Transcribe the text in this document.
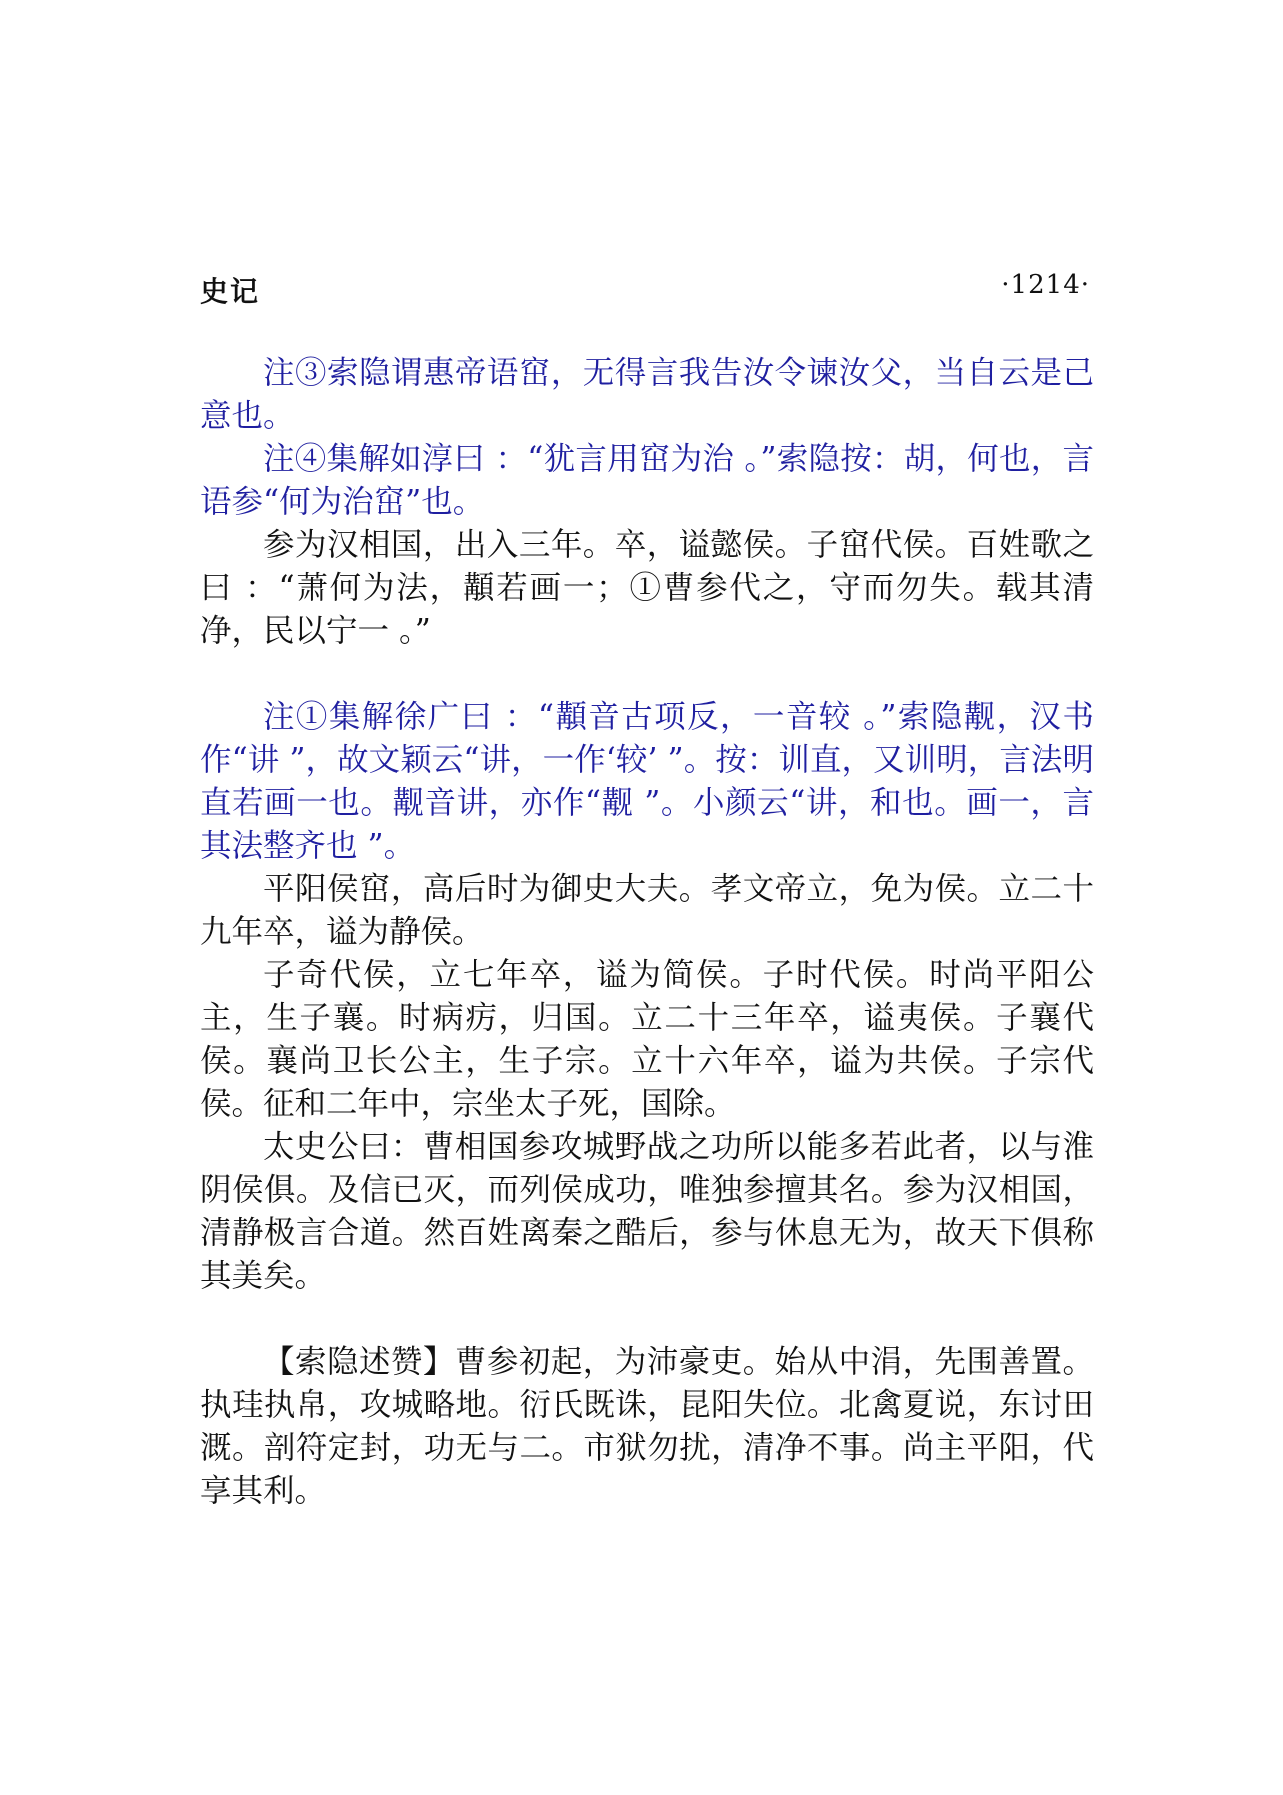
史记	·1214·

注③索隐谓惠帝语窋，无得言我告汝令谏汝父，当自云是己意也。

注④集解如淳曰 ：“犹言用窋为治 。”索隐按：胡，何也，言语参“何为治窋”也。

参为汉相国，出入三年。卒，谥懿侯。子窋代侯。百姓歌之曰 ：“萧何为法，顜若画一；①曹参代之，守而勿失。载其清净，民以宁一 。”

注①集解徐广曰 ：“顜音古项反，一音较 。”索隐觏，汉书作“讲 ”，故文颖云“讲，一作‘较’ ”。按：训直，又训明，言法明直若画一也。觏音讲，亦作“觏 ”。小颜云“讲，和也。画一，言其法整齐也 ”。

平阳侯窋，高后时为御史大夫。孝文帝立，免为侯。立二十九年卒，谥为静侯。

子奇代侯，立七年卒，谥为简侯。子时代侯。时尚平阳公主，生子襄。时病疠，归国。立二十三年卒，谥夷侯。子襄代侯。襄尚卫长公主，生子宗。立十六年卒，谥为共侯。子宗代侯。征和二年中，宗坐太子死，国除。

太史公曰：曹相国参攻城野战之功所以能多若此者，以与淮阴侯俱。及信已灭，而列侯成功，唯独参擅其名。参为汉相国，清静极言合道。然百姓离秦之酷后，参与休息无为，故天下俱称其美矣。

【索隐述赞】曹参初起，为沛豪吏。始从中涓，先围善置。执珪执帛，攻城略地。衍氏既诛，昆阳失位。北禽夏说，东讨田溉。剖符定封，功无与二。市狱勿扰，清净不事。尚主平阳，代享其利。
